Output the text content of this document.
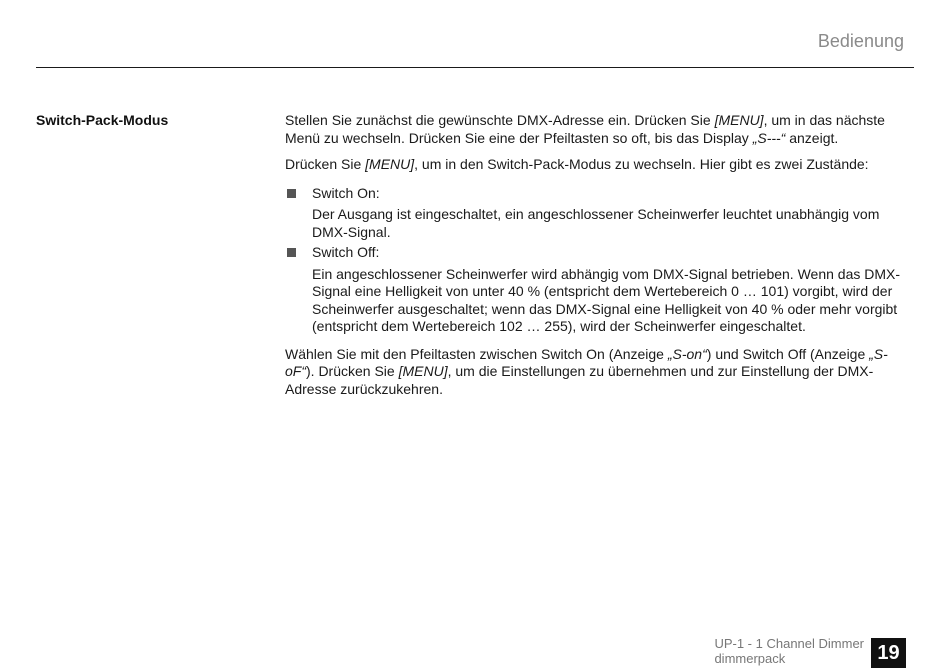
Bedienung
Switch-Pack-Modus	Stellen Sie zunächst die gewünschte DMX-Adresse ein. Drücken Sie [MENU], um in das nächste Menü zu wechseln. Drücken Sie eine der Pfeiltasten so oft, bis das Display „S---“ anzeigt.

Drücken Sie [MENU], um in den Switch-Pack-Modus zu wechseln. Hier gibt es zwei Zustände:

Switch On:
Der Ausgang ist eingeschaltet, ein angeschlossener Scheinwerfer leuchtet unabhängig vom DMX-Signal.
Switch Off:
Ein angeschlossener Scheinwerfer wird abhängig vom DMX-Signal betrieben. Wenn das DMX-Signal eine Helligkeit von unter 40 % (entspricht dem Wertebereich 0 … 101) vorgibt, wird der Scheinwerfer ausgeschaltet; wenn das DMX-Signal eine Helligkeit von 40 % oder mehr vorgibt (entspricht dem Wertebereich 102 … 255), wird der Scheinwerfer eingeschaltet.

Wählen Sie mit den Pfeiltasten zwischen Switch On (Anzeige „S-on“) und Switch Off (Anzeige „S-oF“). Drücken Sie [MENU], um die Einstellungen zu übernehmen und zur Einstellung der DMX-Adresse zurückzukehren.

UP-1 - 1 Channel Dimmer
dimmerpack	19
